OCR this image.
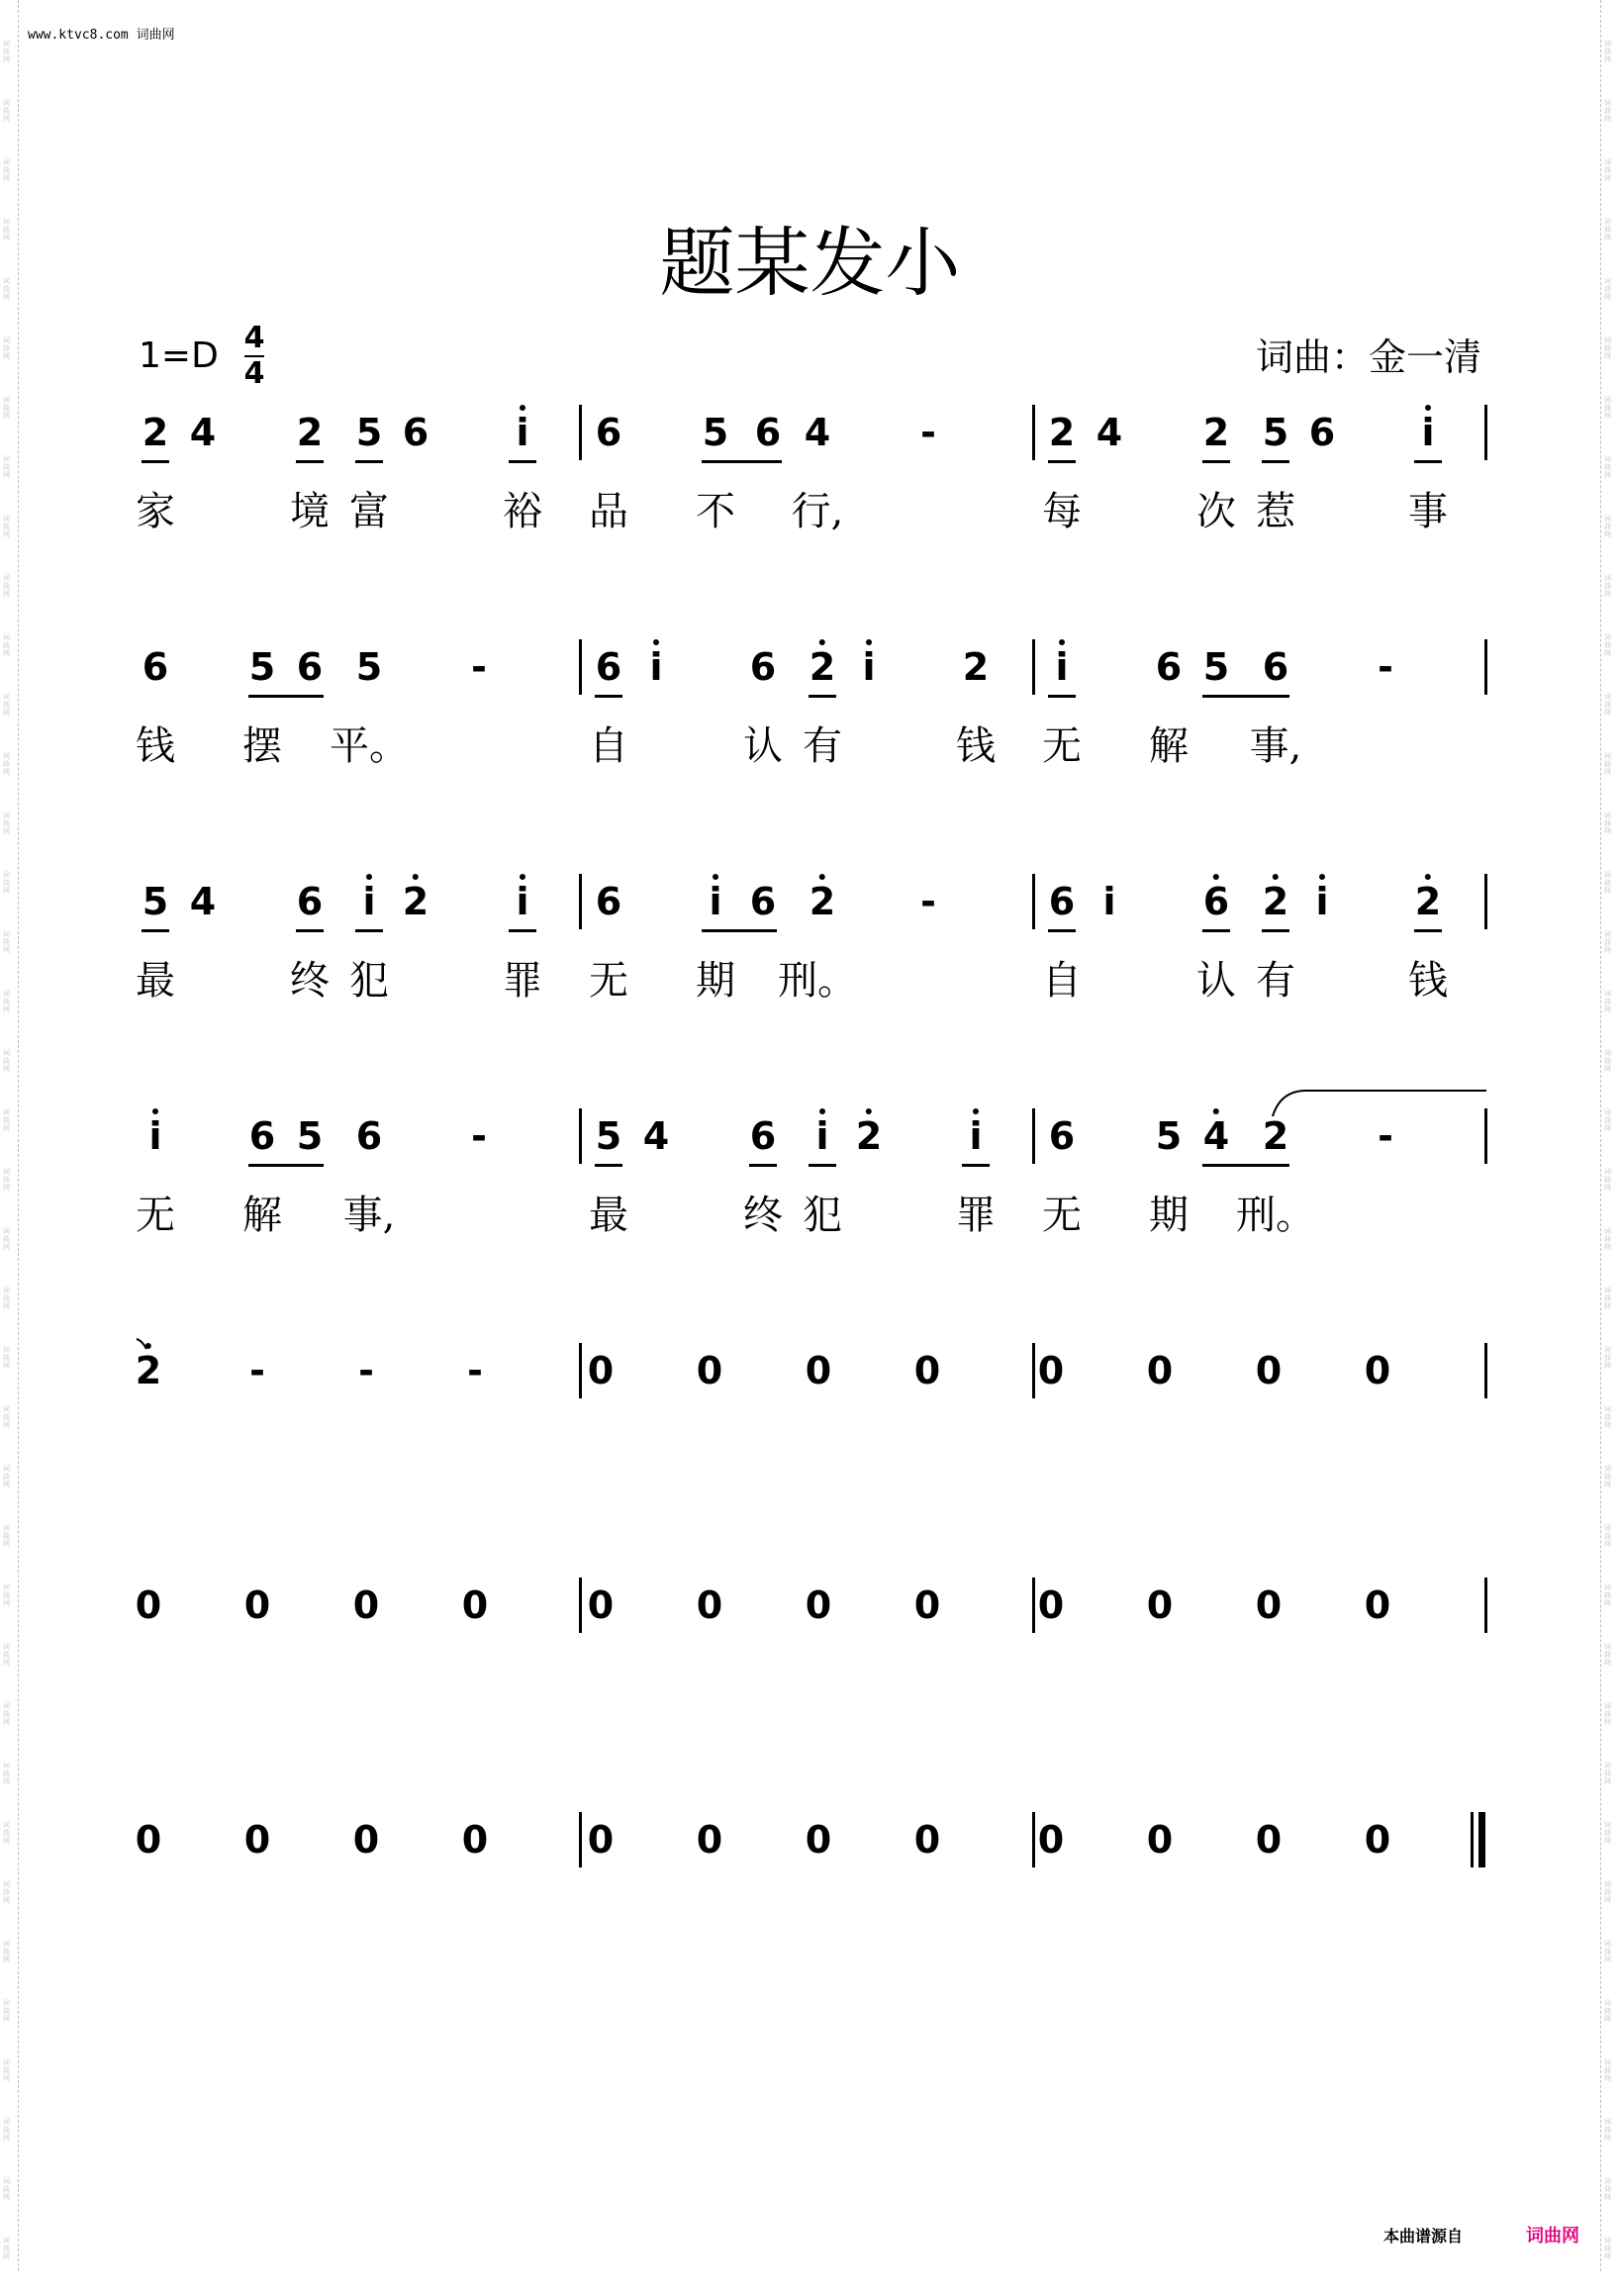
词曲网
词曲网
词曲网
词曲网
词曲网
词曲网
词曲网
词曲网
词曲网
词曲网
词曲网
词曲网
词曲网
词曲网
词曲网
词曲网
词曲网
词曲网
词曲网
词曲网
词曲网
词曲网
词曲网
词曲网
词曲网
词曲网
词曲网
词曲网
词曲网
词曲网
词曲网
词曲网
词曲网
词曲网
词曲网
词曲网
词曲网
词曲网
词曲网
词曲网
词曲网
词曲网
词曲网
词曲网
词曲网
词曲网
词曲网
词曲网
词曲网
词曲网
词曲网
词曲网
词曲网
词曲网
词曲网
词曲网
词曲网
词曲网
词曲网
词曲网
词曲网
词曲网
词曲网
词曲网
词曲网
词曲网
词曲网
词曲网
词曲网
词曲网
词曲网
词曲网
词曲网
词曲网
词曲网
词曲网
www.ktvc8.com 词曲网
题某发小
1=D 4
4	词曲：金一清
2 4 2 5 6 i 6 5 6 4 -	2 4 2 5 6 i
家	境 富	裕 品 不 行,	每	次 惹	事
6 5 6 5 -	6 i 6 2 i 2 i 6 5 6 -
钱 摆 平。	自	认 有	钱 无 解 事,
5 4 6 i 2 i 6 i 6 2 -	6 i 6 2 i 2
最	终 犯	罪 无 期 刑。	自	认 有	钱
i 6 5 6 -	5 4 6 i 2 i 6 5 4 2 -
无 解 事,	最	终 犯	罪 无 期 刑。
2 - - -	0 0 0 0	0 0 0 0
0 0 0 0	0 0 0 0	0 0 0 0
0 0 0 0	0 0 0 0	0 0 0 0
本曲谱源自	词曲网
